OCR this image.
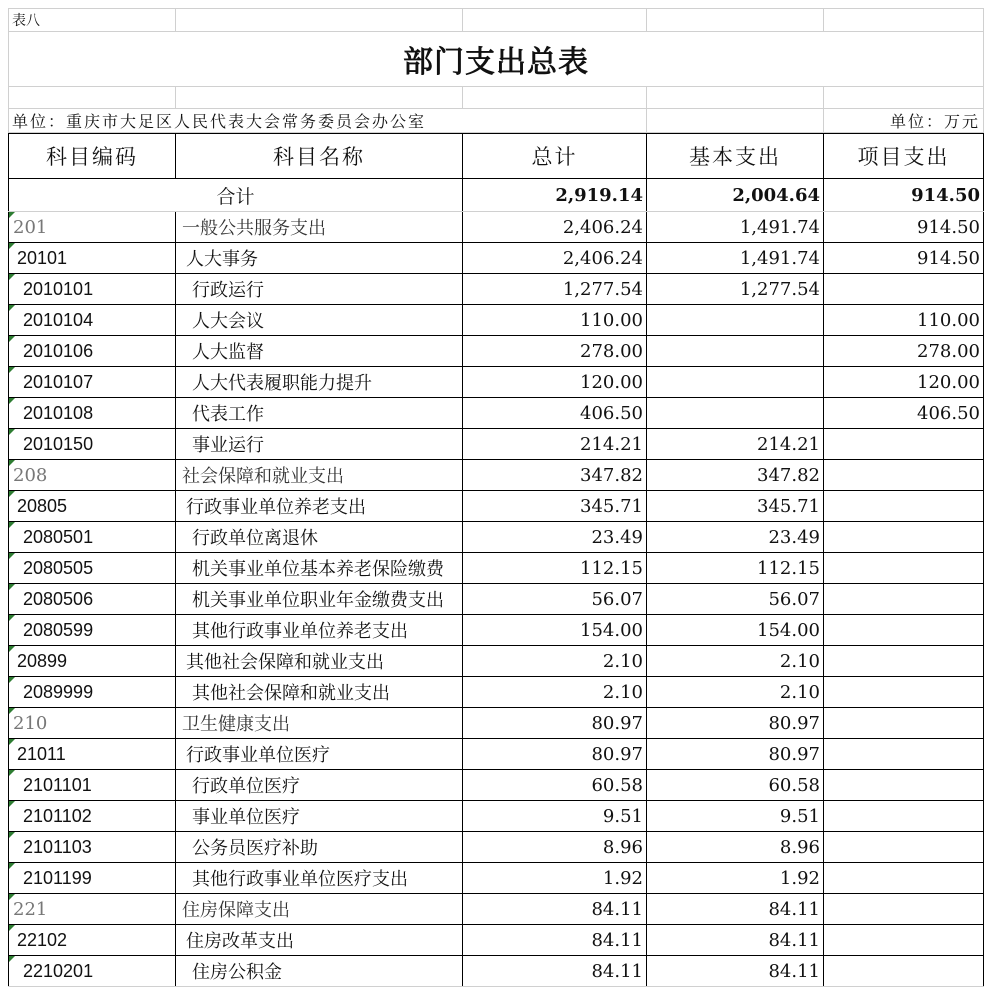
表八				
部门支出总表				

单位：重庆市大足区人民代表大会常务委员会办公室				单位：万元
科目编码	科目名称	总计	基本支出	项目支出
合计		2,919.14	2,004.64	914.50

201	一般公共服务支出	2,406.24	1,491.74	914.50

20101	人大事务	2,406.24	1,491.74	914.50

2010101	行政运行	1,277.54	1,277.54	

2010104	人大会议	110.00		110.00

2010106	人大监督	278.00		278.00

2010107	人大代表履职能力提升	120.00		120.00

2010108	代表工作	406.50		406.50

2010150	事业运行	214.21	214.21	

208	社会保障和就业支出	347.82	347.82	

20805	行政事业单位养老支出	345.71	345.71	

2080501	行政单位离退休	23.49	23.49	

2080505	机关事业单位基本养老保险缴费	112.15	112.15	

2080506	机关事业单位职业年金缴费支出	56.07	56.07	

2080599	其他行政事业单位养老支出	154.00	154.00	

20899	其他社会保障和就业支出	2.10	2.10	

2089999	其他社会保障和就业支出	2.10	2.10	

210	卫生健康支出	80.97	80.97	

21011	行政事业单位医疗	80.97	80.97	

2101101	行政单位医疗	60.58	60.58	

2101102	事业单位医疗	9.51	9.51	

2101103	公务员医疗补助	8.96	8.96	

2101199	其他行政事业单位医疗支出	1.92	1.92	

221	住房保障支出	84.11	84.11	

22102	住房改革支出	84.11	84.11	

2210201	住房公积金	84.11	84.11	
